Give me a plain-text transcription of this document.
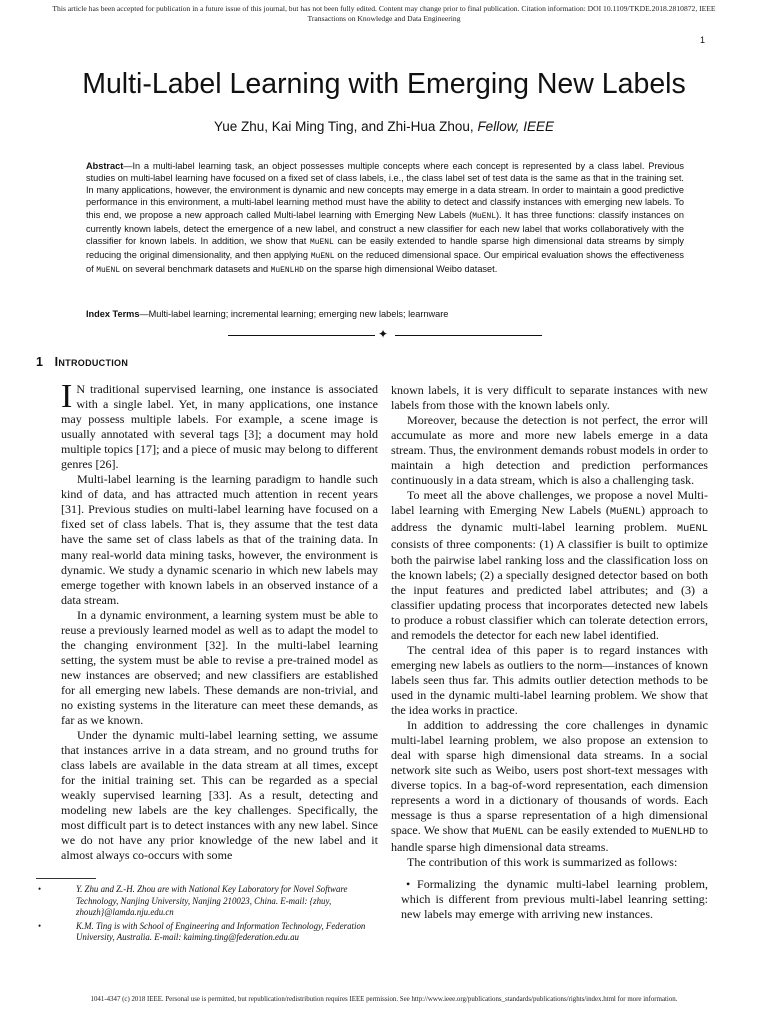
This article has been accepted for publication in a future issue of this journal, but has not been fully edited. Content may change prior to final publication. Citation information: DOI 10.1109/TKDE.2018.2810872, IEEE
Transactions on Knowledge and Data Engineering
1
Multi-Label Learning with Emerging New Labels
Yue Zhu, Kai Ming Ting, and Zhi-Hua Zhou, Fellow, IEEE
Abstract—In a multi-label learning task, an object possesses multiple concepts where each concept is represented by a class label. Previous studies on multi-label learning have focused on a fixed set of class labels, i.e., the class label set of test data is the same as that in the training set. In many applications, however, the environment is dynamic and new concepts may emerge in a data stream. In order to maintain a good predictive performance in this environment, a multi-label learning method must have the ability to detect and classify instances with emerging new labels. To this end, we propose a new approach called Multi-label learning with Emerging New Labels (MuENL). It has three functions: classify instances on currently known labels, detect the emergence of a new label, and construct a new classifier for each new label that works collaboratively with the classifier for known labels. In addition, we show that MuENL can be easily extended to handle sparse high dimensional data streams by simply reducing the original dimensionality, and then applying MuENL on the reduced dimensional space. Our empirical evaluation shows the effectiveness of MuENL on several benchmark datasets and MuENLHD on the sparse high dimensional Weibo dataset.
Index Terms—Multi-label learning; incremental learning; emerging new labels; learnware
✦
1 Introduction

I N traditional supervised learning, one instance is associated with a single label. Yet, in many applications, one instance may possess multiple labels. For example, a scene image is usually annotated with several tags [3]; a document may hold multiple topics [17]; and a piece of music may belong to different genres [26].

Multi-label learning is the learning paradigm to handle such kind of data, and has attracted much attention in recent years [31]. Previous studies on multi-label learning have focused on a fixed set of class labels. That is, they assume that the test data have the same set of class labels as that of the training data. In many real-world data mining tasks, however, the environment is dynamic. We study a dynamic scenario in which new labels may emerge together with known labels in an observed instance of a data stream.

In a dynamic environment, a learning system must be able to reuse a previously learned model as well as to adapt the model to the changing environment [32]. In the multi-label learning setting, the system must be able to revise a pre-trained model as new instances are observed; and new classifiers are established for all emerging new labels. These demands are non-trivial, and no existing systems in the literature can meet these demands, as far as we known.

Under the dynamic multi-label learning setting, we assume that instances arrive in a data stream, and no ground truths for class labels are available in the data stream at all times, except for the initial training set. This can be regarded as a special weakly supervised learning [33]. As a result, detecting and modeling new labels are the key challenges. Specifically, the most difficult part is to detect instances with any new label. Since we do not have any prior knowledge of the new label and it almost always co-occurs with some

•	Y. Zhu and Z.-H. Zhou are with National Key Laboratory for Novel Software Technology, Nanjing University, Nanjing 210023, China. E-mail: {zhuy, zhouzh}@lamda.nju.edu.cn
•	K.M. Ting is with School of Engineering and Information Technology, Federation University, Australia. E-mail: kaiming.ting@federation.edu.au

known labels, it is very difficult to separate instances with new labels from those with the known labels only.

Moreover, because the detection is not perfect, the error will accumulate as more and more new labels emerge in a data stream. Thus, the environment demands robust models in order to maintain a high detection and prediction performances continuously in a data stream, which is also a challenging task.

To meet all the above challenges, we propose a novel Multi-label learning with Emerging New Labels (MuENL) approach to address the dynamic multi-label learning problem. MuENL consists of three components: (1) A classifier is built to optimize both the pairwise label ranking loss and the classification loss on the known labels; (2) a specially designed detector based on both the input features and predicted label attributes; and (3) a classifier updating process that incorporates detected new labels to produce a robust classifier which can tolerate detection errors, and remodels the detector for each new label identified.

The central idea of this paper is to regard instances with emerging new labels as outliers to the norm—instances of known labels seen thus far. This admits outlier detection methods to be used in the dynamic multi-label learning problem. We show that the idea works in practice.

In addition to addressing the core challenges in dynamic multi-label learning problem, we also propose an extension to deal with sparse high dimensional data streams. In a social network site such as Weibo, users post short-text messages with diverse topics. In a bag-of-word representation, each dimension represents a word in a dictionary of thousands of words. Each message is thus a sparse representation of a high dimensional space. We show that MuENL can be easily extended to MuENLHD to handle sparse high dimensional data streams.

The contribution of this work is summarized as follows:

• Formalizing the dynamic multi-label learning problem, which is different from previous multi-label leanring setting: new labels may emerge with arriving new instances.

1041-4347 (c) 2018 IEEE. Personal use is permitted, but republication/redistribution requires IEEE permission. See http://www.ieee.org/publications_standards/publications/rights/index.html for more information.
